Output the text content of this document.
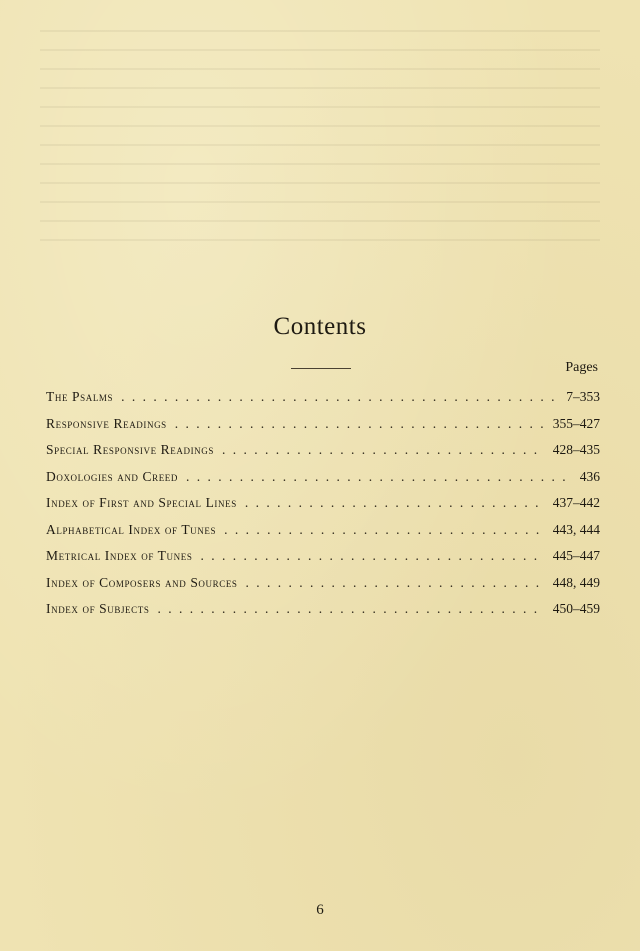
Contents
Pages
The Psalms . . .	7–353
Responsive Readings . . .	355–427
Special Responsive Readings . . .	428–435
Doxologies and Creed . . .	436
Index of First and Special Lines . . .	437–442
Alphabetical Index of Tunes . . .	443, 444
Metrical Index of Tunes . . .	445–447
Index of Composers and Sources . . .	448, 449
Index of Subjects . . .	450–459
6
